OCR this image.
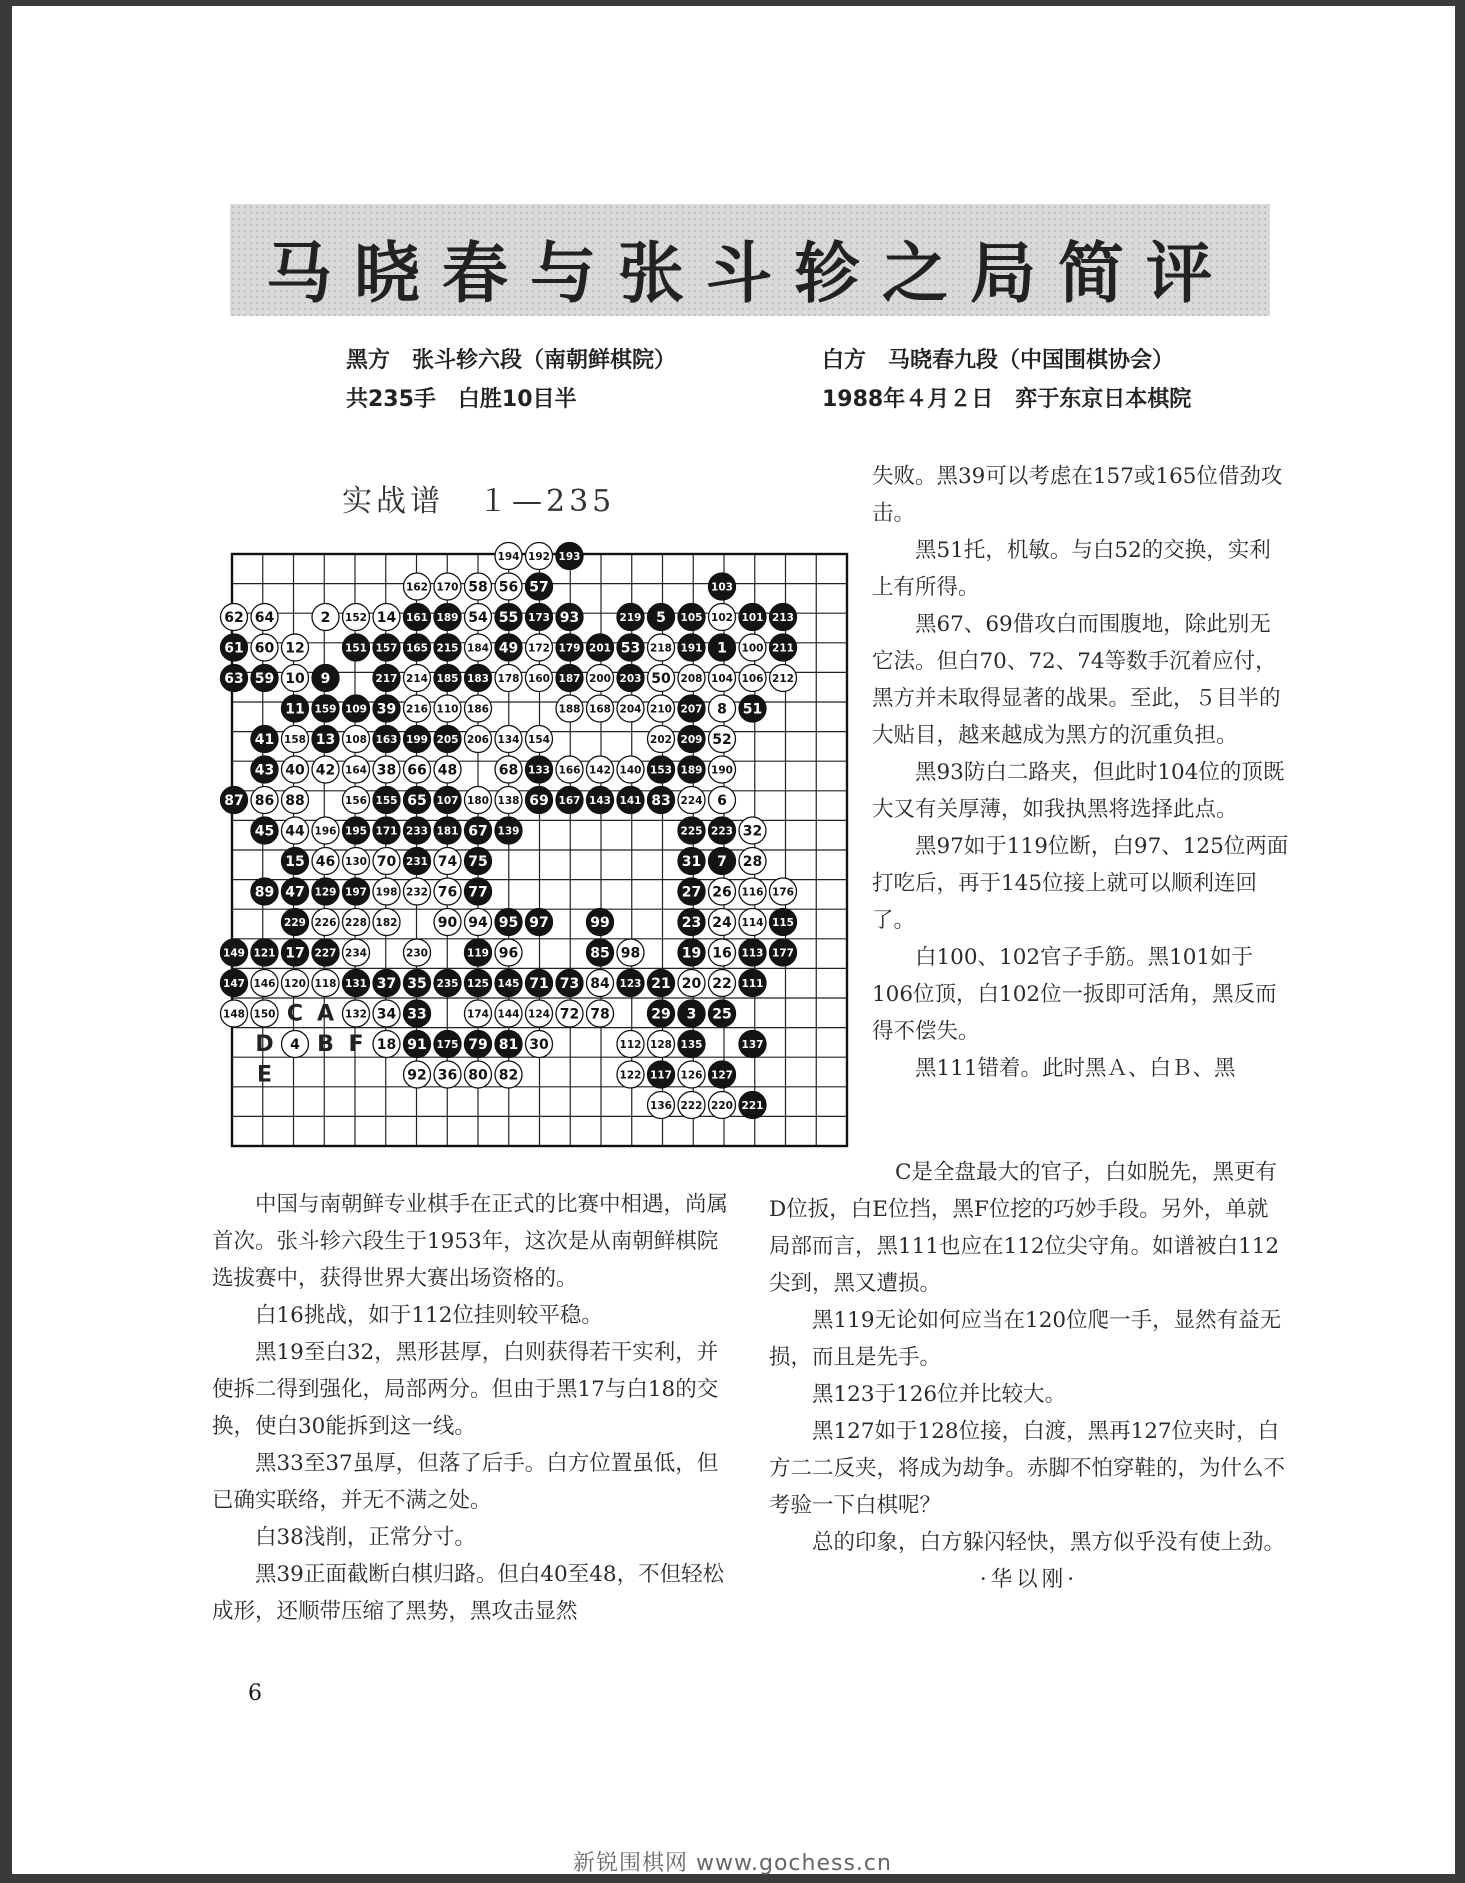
马晓春与张斗轸之局简评
黑方　张斗轸六段（南朝鲜棋院）	白方　马晓春九段（中国围棋协会）
共235手　白胜10目半	1988年４月２日　弈于东京日本棋院
实战谱　１—235
C A
D B F
E
194 192 193
162 170 58 56 57	103
62 64	2 152 14 161 189 54 55 173 93	219 5 105 102 101 213
61 60 12	151 157 165 215 184 49 172 179 201 53 218 191 1 100 211
63 59 10 9	217 214 185 183 178 160 187 200 203 50 208 104 106 212
11 159 109 39 216 110 186	188 168 204 210 207 8 51
41 158 13 108 163 199 205 206 134 154	202 209 52
43 40 42 164 38 66 48	68 133 166 142 140 153 189 190
87 86 88	156 155 65 107 180 138 69 167 143 141 83 224 6
45 44 196 195 171 233 181 67 139	225 223 32
15 46 130 70 231 74 75	31 7 28
89 47 129 197 198 232 76 77	27 26 116 176
229 226 228 182	90 94 95 97	99	23 24 114 115
149 121 17 227 234	230	119 96	85 98	19 16 113 177
147 146 120 118 131 37 35 235 125 145 71 73 84 123 21 20 22 111
148 150	132 34 33	174 144 124 72 78	29 3 25
4	18 91 175 79 81 30	112 128 135	137
92 36 80 82	122 117 126 127
136 222 220 221

中国与南朝鲜专业棋手在正式的比赛中相遇，尚属首次。张斗轸六段生于1953年，这次是从南朝鲜棋院选拔赛中，获得世界大赛出场资格的。

白16挑战，如于112位挂则较平稳。

黑19至白32，黑形甚厚，白则获得若干实利，并使拆二得到强化，局部两分。但由于黑17与白18的交换，使白30能拆到这一线。

黑33至37虽厚，但落了后手。白方位置虽低，但已确实联络，并无不满之处。

白38浅削，正常分寸。

黑39正面截断白棋归路。但白40至48，不但轻松成形，还顺带压缩了黑势，黑攻击显然

失败。黑39可以考虑在157或165位借劲攻击。

黑51托，机敏。与白52的交换，实利上有所得。

黑67、69借攻白而围腹地，除此别无它法。但白70、72、74等数手沉着应付，黑方并未取得显著的战果。至此，５目半的大贴目，越来越成为黑方的沉重负担。

黑93防白二路夹，但此时104位的顶既大又有关厚薄，如我执黑将选择此点。

黑97如于119位断，白97、125位两面打吃后，再于145位接上就可以顺利连回了。

白100、102官子手筋。黑101如于106位顶，白102位一扳即可活角，黑反而得不偿失。

黑111错着。此时黑Ａ、白Ｂ、黑

C是全盘最大的官子，白如脱先，黑更有D位扳，白E位挡，黑F位挖的巧妙手段。另外，单就局部而言，黑111也应在112位尖守角。如谱被白112尖到，黑又遭损。

黑119无论如何应当在120位爬一手，显然有益无损，而且是先手。

黑123于126位并比较大。

黑127如于128位接，白渡，黑再127位夹时，白方二二反夹，将成为劫争。赤脚不怕穿鞋的，为什么不考验一下白棋呢？

总的印象，白方躲闪轻快，黑方似乎没有使上劲。

·华以刚·

6
新锐围棋网 www.gochess.cn
